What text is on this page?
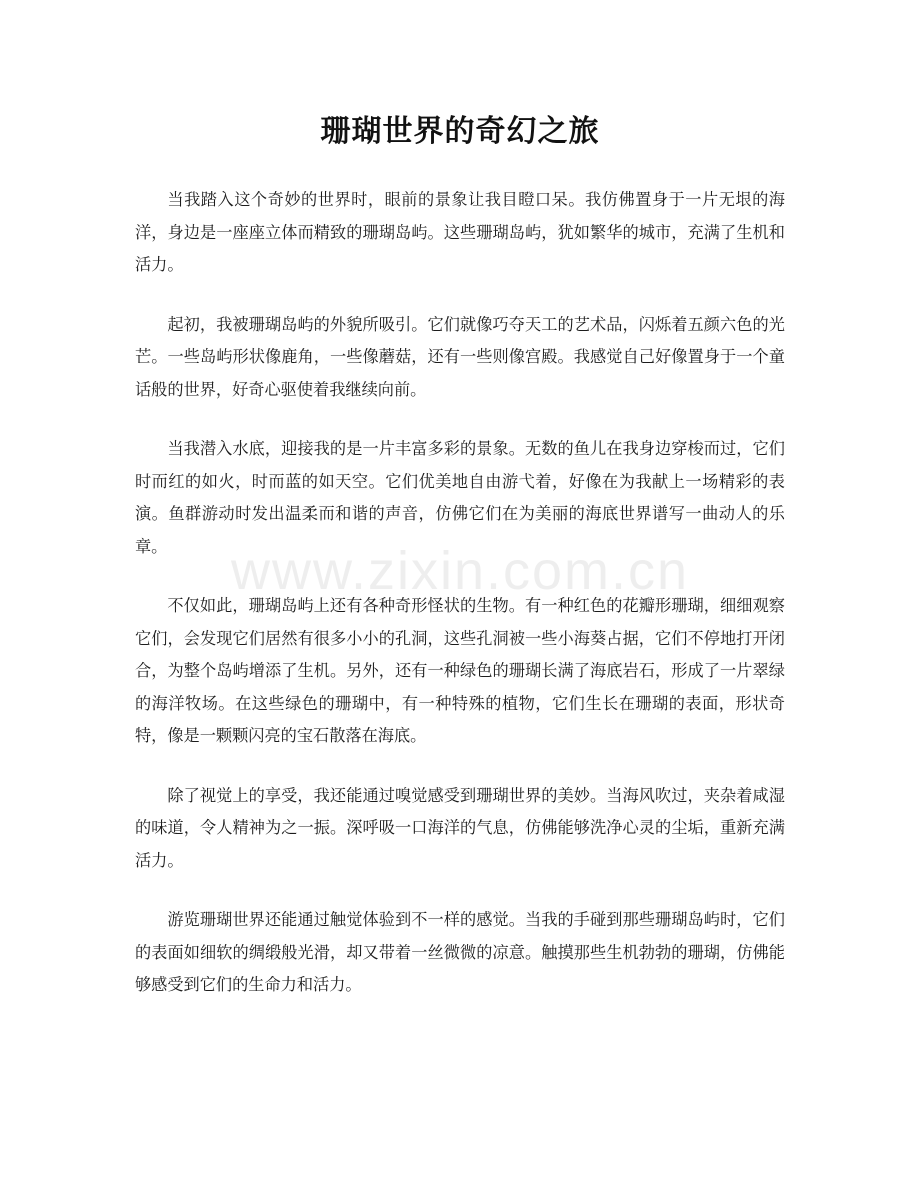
珊瑚世界的奇幻之旅

当我踏入这个奇妙的世界时，眼前的景象让我目瞪口呆。我仿佛置身于一片无垠的海洋，身边是一座座立体而精致的珊瑚岛屿。这些珊瑚岛屿，犹如繁华的城市，充满了生机和活力。

起初，我被珊瑚岛屿的外貌所吸引。它们就像巧夺天工的艺术品，闪烁着五颜六色的光芒。一些岛屿形状像鹿角，一些像蘑菇，还有一些则像宫殿。我感觉自己好像置身于一个童话般的世界，好奇心驱使着我继续向前。

当我潜入水底，迎接我的是一片丰富多彩的景象。无数的鱼儿在我身边穿梭而过，它们时而红的如火，时而蓝的如天空。它们优美地自由游弋着，好像在为我献上一场精彩的表演。鱼群游动时发出温柔而和谐的声音，仿佛它们在为美丽的海底世界谱写一曲动人的乐章。

不仅如此，珊瑚岛屿上还有各种奇形怪状的生物。有一种红色的花瓣形珊瑚，细细观察它们，会发现它们居然有很多小小的孔洞，这些孔洞被一些小海葵占据，它们不停地打开闭合，为整个岛屿增添了生机。另外，还有一种绿色的珊瑚长满了海底岩石，形成了一片翠绿的海洋牧场。在这些绿色的珊瑚中，有一种特殊的植物，它们生长在珊瑚的表面，形状奇特，像是一颗颗闪亮的宝石散落在海底。

除了视觉上的享受，我还能通过嗅觉感受到珊瑚世界的美妙。当海风吹过，夹杂着咸湿的味道，令人精神为之一振。深呼吸一口海洋的气息，仿佛能够洗净心灵的尘垢，重新充满活力。

游览珊瑚世界还能通过触觉体验到不一样的感觉。当我的手碰到那些珊瑚岛屿时，它们的表面如细软的绸缎般光滑，却又带着一丝微微的凉意。触摸那些生机勃勃的珊瑚，仿佛能够感受到它们的生命力和活力。

www.zixin.com.cn
